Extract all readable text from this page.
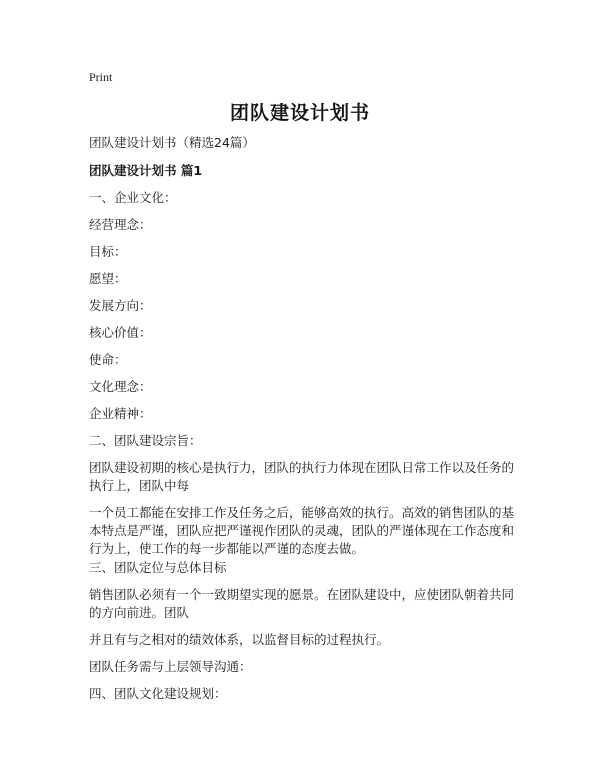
Print
团队建设计划书

团队建设计划书（精选24篇）

团队建设计划书 篇1

一、企业文化：

经营理念：

目标：

愿望：

发展方向：

核心价值：

使命：

文化理念：

企业精神：

二、团队建设宗旨：

团队建设初期的核心是执行力，团队的执行力体现在团队日常工作以及任务的执行上，团队中每

一个员工都能在安排工作及任务之后，能够高效的执行。高效的销售团队的基本特点是严谨，团队应把严谨视作团队的灵魂，团队的严谨体现在工作态度和行为上，使工作的每一步都能以严谨的态度去做。

三、团队定位与总体目标

销售团队必须有一个一致期望实现的愿景。在团队建设中，应使团队朝着共同的方向前进。团队

并且有与之相对的绩效体系，以监督目标的过程执行。

团队任务需与上层领导沟通：

四、团队文化建设规划：
